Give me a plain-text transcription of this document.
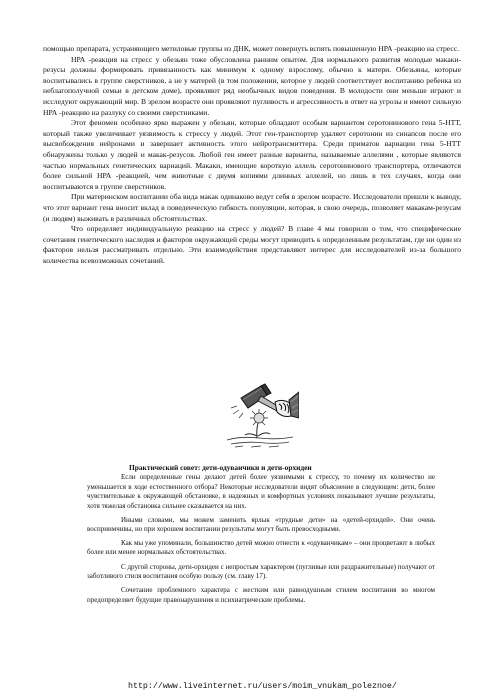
помощью препарата, устраняющего метиловые группы из ДНК, может повернуть вспять повышенную НРА -реакцию на стресс.

НРА -реакция на стресс у обезьян тоже обусловлена ранним опытом. Для нормального развития молодые макаки-резусы должны формировать привязанность как минимум к одному взрослому, обычно к матери. Обезьяны, которые воспитывались в группе сверстников, а не у матерей (в том положении, которое у людей соответствует воспитанию ребенка из неблагополучной семьи в детском доме), проявляют ряд необычных видов поведения. В молодости они меньше играют и исследуют окружающий мир. В зрелом возрасте они проявляют пугливость и агрессивность в ответ на угрозы и имеют сильную НРА -реакцию на разлуку со своими сверстниками.

Этот феномен особенно ярко выражен у обезьян, которые обладают особым вариантом серотонинового гена 5-НТТ, который также увеличивает уязвимость к стрессу у людей. Этот ген-транспортер удаляет серотонин из синапсов после его высвобождения нейронами и завершает активность этого нейротрансмиттера. Среди приматов вариации гена 5-НТТ обнаружены только у людей и макак-резусов. Любой ген имеет разные варианты, называемые аллелями , которые являются частью нормальных генетических вариаций. Макаки, имеющие короткую аллель серотонинового транспортера, отличаются более сильной НРА -реакцией, чем животные с двумя копиями длинных аллелей, но лишь в тех случаях, когда они воспитываются в группе сверстников.

При материнском воспитании оба вида макак одинаково ведут себя в зрелом возрасте. Исследователи пришли к выводу, что этот вариант гена вносит вклад в поведенческую гибкость популяции, которая, в свою очередь, позволяет макакам-резусам (и людям) выживать в различных обстоятельствах.

Что определяет индивидуальную реакцию на стресс у людей? В главе 4 мы говорили о том, что специфические сочетания генетического наследия и факторов окружающей среды могут приводить к определенным результатам, где ни один из факторов нельзя рассматривать отдельно. Эти взаимодействия представляют интерес для исследователей из-за большого количества всевозможных сочетаний.

Практический совет: дети-одуванчики и дети-орхидеи

Если определенные гены делают детей более уязвимыми к стрессу, то почему их количество не уменьшается в ходе естественного отбора? Некоторые исследователи видят объяснение в следующем: дети, более чувствительные к окружающей обстановке, в надежных и комфортных условиях показывают лучшие результаты, хотя тяжелая обстановка сильнее сказывается на них.

Иными словами, мы можем заменить ярлык «трудные дети» на «детей-орхидей». Они очень восприимчивы, но при хорошем воспитании результаты могут быть превосходными.

Как мы уже упоминали, большинство детей можно отнести к «одуванчикам» – они процветают в любых более или менее нормальных обстоятельствах.

С другой стороны, дети-орхидеи с непростым характером (пугливые или раздражительные) получают от заботливого стиля воспитания особую пользу (см. главу 17).

Сочетание проблемного характера с жестким или равнодушным стилем воспитания во многом предопределяет будущие правонарушения и психиатрические проблемы.

http://www.liveinternet.ru/users/moim_vnukam_poleznoe/
